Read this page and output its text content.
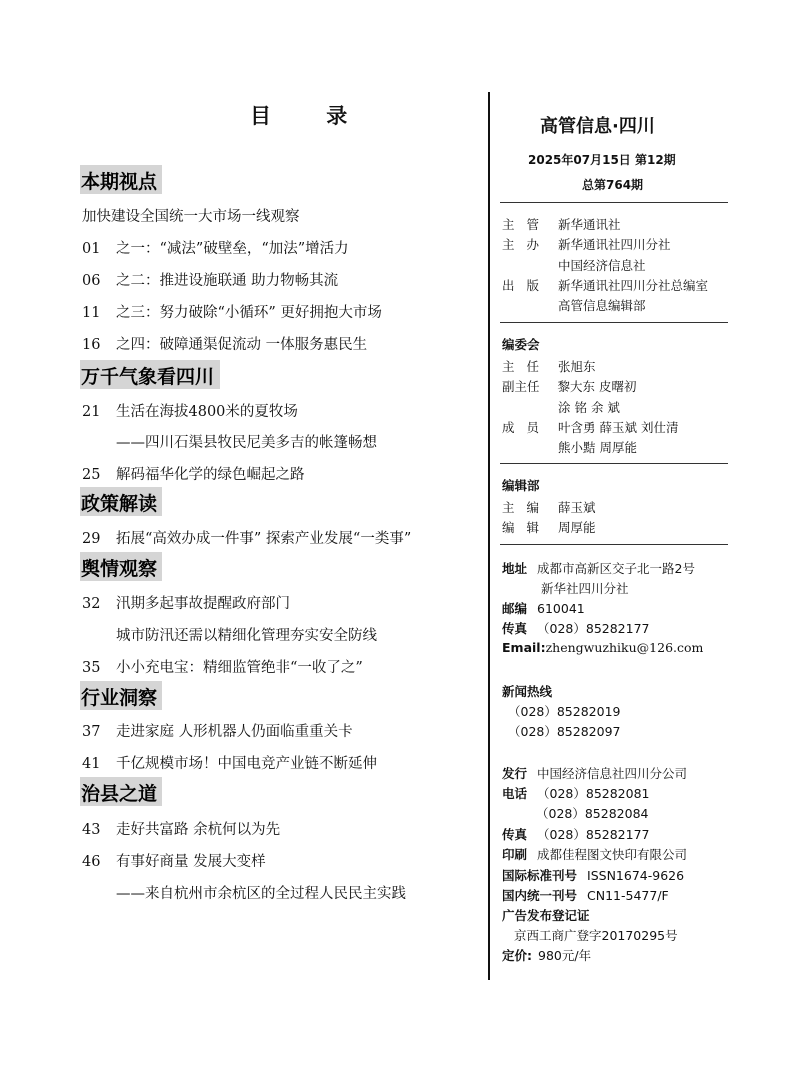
目 录
本期视点
加快建设全国统一大市场一线观察
01 之一：“减法”破壁垒，“加法”增活力
06 之二：推进设施联通 助力物畅其流
11 之三：努力破除“小循环” 更好拥抱大市场
16 之四：破障通渠促流动 一体服务惠民生
万千气象看四川
21 生活在海拔4800米的夏牧场
——四川石渠县牧民尼美多吉的帐篷畅想
25 解码福华化学的绿色崛起之路
政策解读
29 拓展“高效办成一件事” 探索产业发展“一类事”
舆情观察
32 汛期多起事故提醒政府部门
城市防汛还需以精细化管理夯实安全防线
35 小小充电宝：精细监管绝非“一收了之”
行业洞察
37 走进家庭 人形机器人仍面临重重关卡
41 千亿规模市场！中国电竞产业链不断延伸
治县之道
43 走好共富路 余杭何以为先
46 有事好商量 发展大变样
——来自杭州市余杭区的全过程人民民主实践
高管信息·四川
2025年07月15日 第12期
总第764期
主 管 新华通讯社
主 办 新华通讯社四川分社
中国经济信息社
出 版 新华通讯社四川分社总编室
高管信息编辑部
编委会
主 任 张旭东
副主任 黎大东 皮曙初
涂 铭 余 斌
成 员 叶含勇 薛玉斌 刘仕清
熊小黠 周厚能
编辑部
主 编 薛玉斌
编 辑 周厚能
地址 成都市高新区交子北一路2号
新华社四川分社
邮编 610041
传真 （028）85282177
Email:zhengwuzhiku@126.com
新闻热线
（028）85282019
（028）85282097
发行 中国经济信息社四川分公司
电话 （028）85282081
（028）85282084
传真 （028）85282177
印刷 成都佳程图文快印有限公司
国际标准刊号 ISSN1674-9626
国内统一刊号 CN11-5477/F
广告发布登记证
京西工商广登字20170295号
定价: 980元/年
